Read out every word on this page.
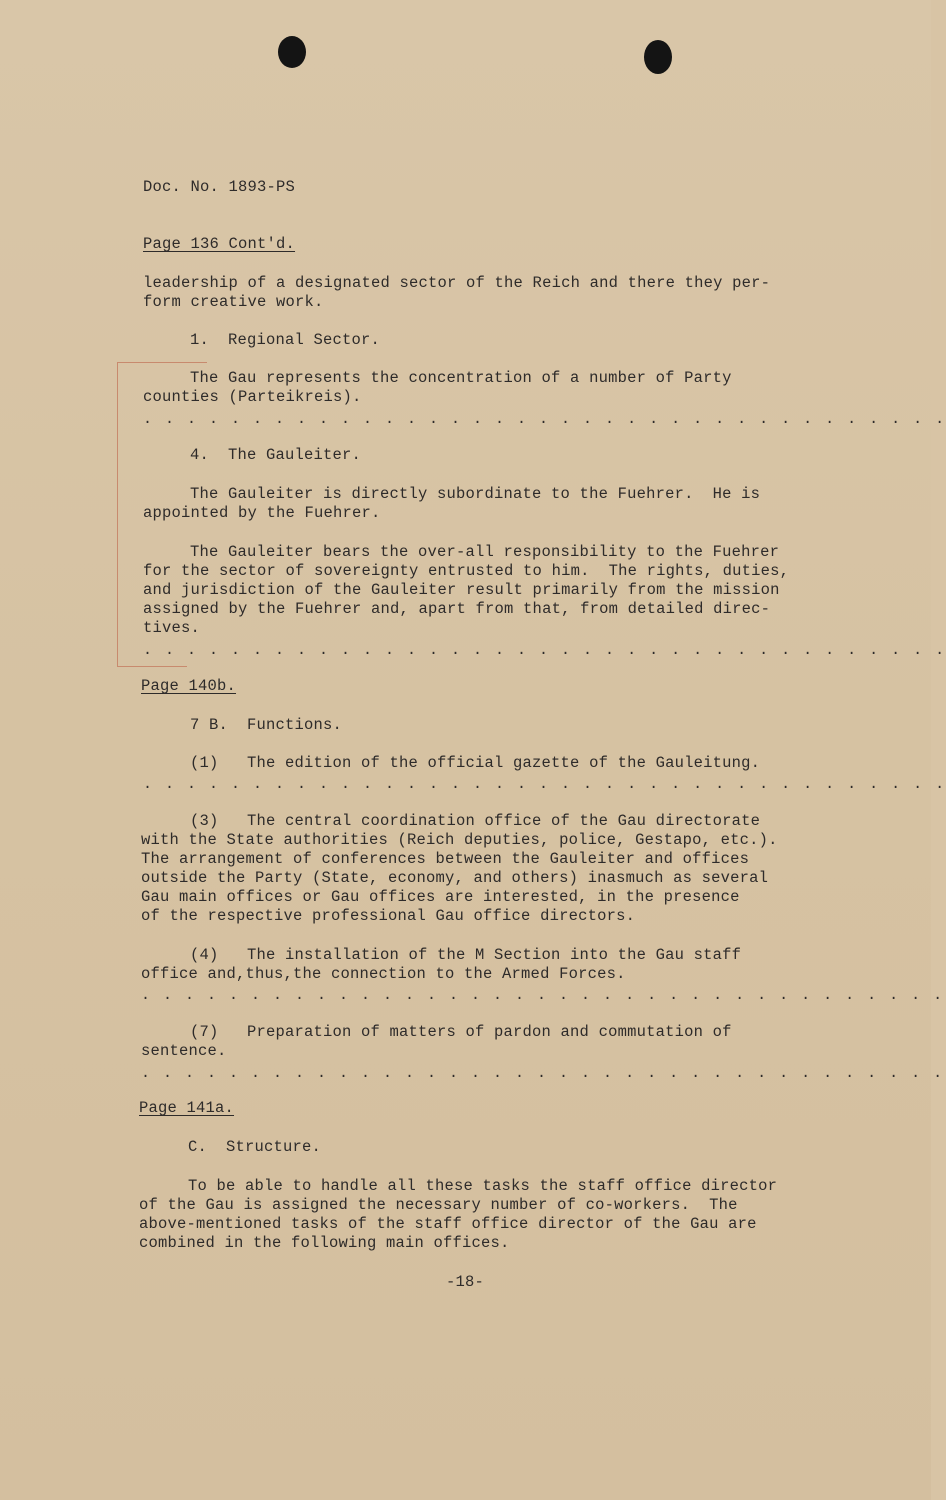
Doc. No. 1893-PS
Page 136 Cont'd.
leadership of a designated sector of the Reich and there they per-
form creative work.
1.  Regional Sector.
The Gau represents the concentration of a number of Party
counties (Parteikreis).
. . . . . . . . . . . . . . . . . . . . . . . . . . . . . . . . . . . . .
4.  The Gauleiter.
The Gauleiter is directly subordinate to the Fuehrer.  He is
appointed by the Fuehrer.
The Gauleiter bears the over-all responsibility to the Fuehrer
for the sector of sovereignty entrusted to him.  The rights, duties,
and jurisdiction of the Gauleiter result primarily from the mission
assigned by the Fuehrer and, apart from that, from detailed direc-
tives.
. . . . . . . . . . . . . . . . . . . . . . . . . . . . . . . . . . . . .
Page 140b.
7 B.  Functions.
(1)   The edition of the official gazette of the Gauleitung.
. . . . . . . . . . . . . . . . . . . . . . . . . . . . . . . . . . . . .
(3)   The central coordination office of the Gau directorate
with the State authorities (Reich deputies, police, Gestapo, etc.).
The arrangement of conferences between the Gauleiter and offices
outside the Party (State, economy, and others) inasmuch as several
Gau main offices or Gau offices are interested, in the presence
of the respective professional Gau office directors.
(4)   The installation of the M Section into the Gau staff
office and,thus,the connection to the Armed Forces.
. . . . . . . . . . . . . . . . . . . . . . . . . . . . . . . . . . . . .
(7)   Preparation of matters of pardon and commutation of
sentence.
. . . . . . . . . . . . . . . . . . . . . . . . . . . . . . . . . . . . .
Page 141a.
C.  Structure.
To be able to handle all these tasks the staff office director
of the Gau is assigned the necessary number of co-workers.  The
above-mentioned tasks of the staff office director of the Gau are
combined in the following main offices.
-18-
